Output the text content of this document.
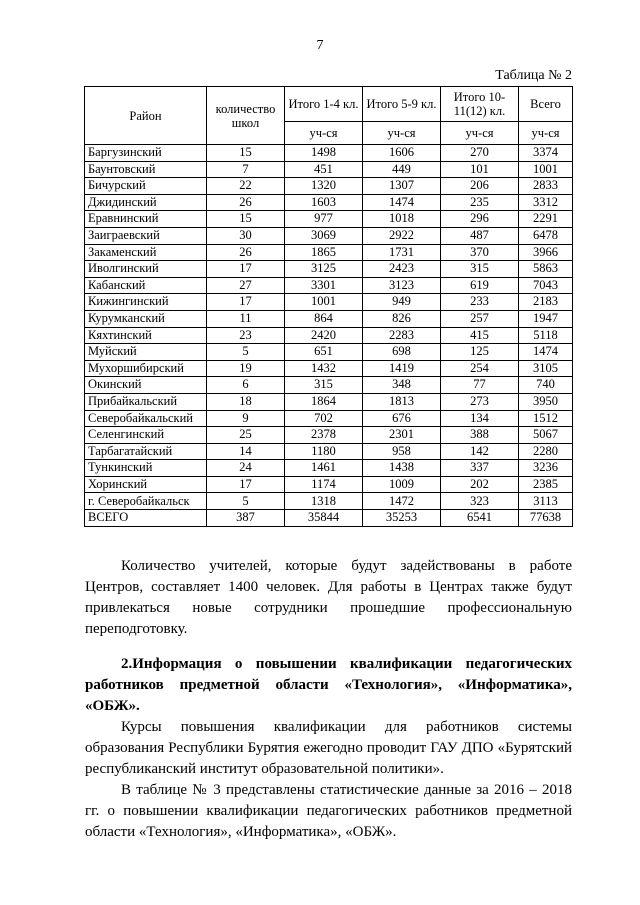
7
Таблица № 2
Район	количество школ	Итого 1-4 кл.	Итого 5-9 кл.	Итого 10-11(12) кл.	Всего
		уч-ся	уч-ся	уч-ся	уч-ся
Баргузинский	15	1498	1606	270	3374
Баунтовский	7	451	449	101	1001
Бичурский	22	1320	1307	206	2833
Джидинский	26	1603	1474	235	3312
Еравнинский	15	977	1018	296	2291
Заиграевский	30	3069	2922	487	6478
Закаменский	26	1865	1731	370	3966
Иволгинский	17	3125	2423	315	5863
Кабанский	27	3301	3123	619	7043
Кижингинский	17	1001	949	233	2183
Курумканский	11	864	826	257	1947
Кяхтинский	23	2420	2283	415	5118
Муйский	5	651	698	125	1474
Мухоршибирский	19	1432	1419	254	3105
Окинский	6	315	348	77	740
Прибайкальский	18	1864	1813	273	3950
Северобайкальский	9	702	676	134	1512
Селенгинский	25	2378	2301	388	5067
Тарбагатайский	14	1180	958	142	2280
Тункинский	24	1461	1438	337	3236
Хоринский	17	1174	1009	202	2385
г. Северобайкальск	5	1318	1472	323	3113
ВСЕГО	387	35844	35253	6541	77638

Количество учителей, которые будут задействованы в работе Центров, составляет 1400 человек. Для работы в Центрах также будут привлекаться новые сотрудники прошедшие профессиональную переподготовку.

2.Информация о повышении квалификации педагогических работников предметной области «Технология», «Информатика», «ОБЖ».

Курсы повышения квалификации для работников системы образования Республики Бурятия ежегодно проводит ГАУ ДПО «Бурятский республиканский институт образовательной политики».

В таблице № 3 представлены статистические данные за 2016 – 2018 гг. о повышении квалификации педагогических работников предметной области «Технология», «Информатика», «ОБЖ».
